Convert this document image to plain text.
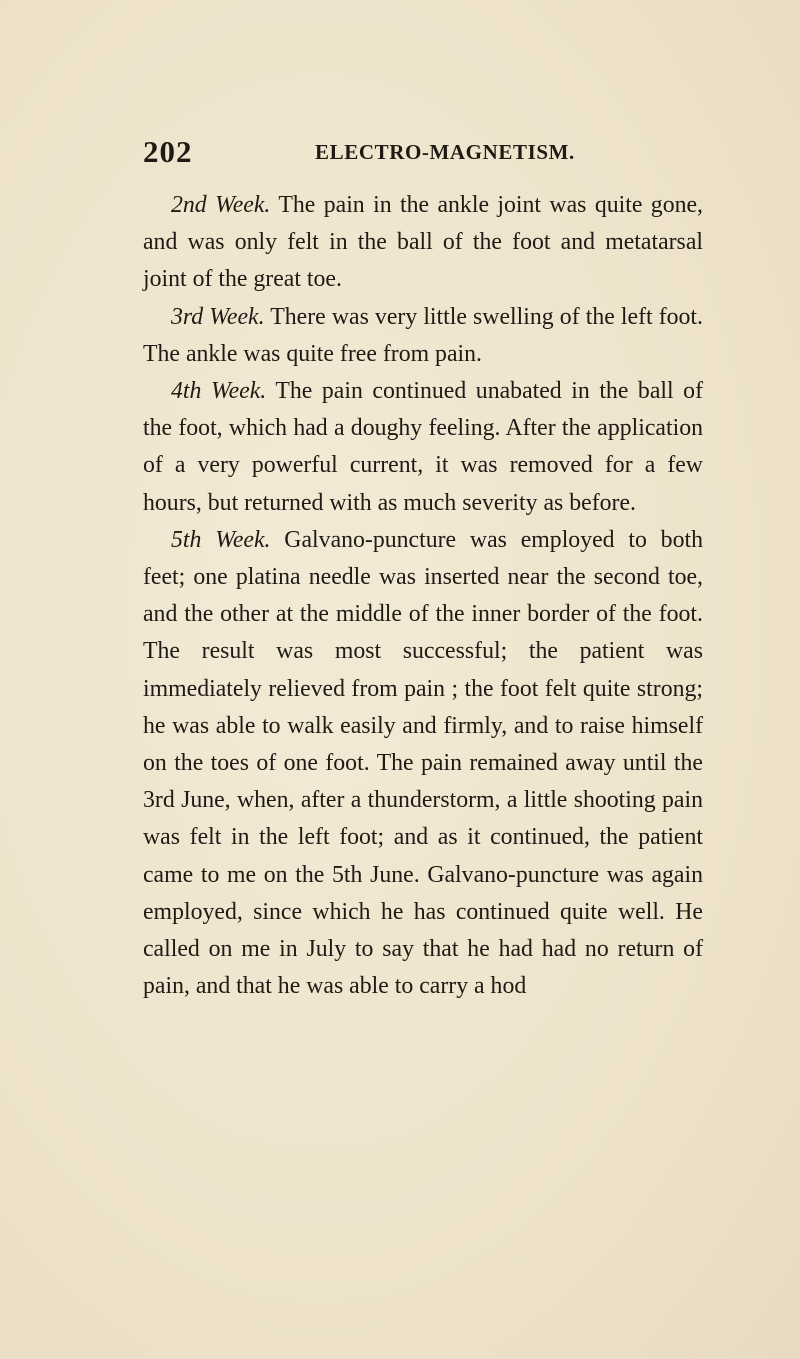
202	ELECTRO-MAGNETISM.

2nd Week. The pain in the ankle joint was quite gone, and was only felt in the ball of the foot and metatarsal joint of the great toe.

3rd Week. There was very little swelling of the left foot. The ankle was quite free from pain.

4th Week. The pain continued unabated in the ball of the foot, which had a doughy feeling. After the application of a very powerful current, it was removed for a few hours, but returned with as much severity as before.

5th Week. Galvano-puncture was employed to both feet; one platina needle was inserted near the second toe, and the other at the middle of the inner border of the foot. The result was most successful; the patient was immediately relieved from pain ; the foot felt quite strong; he was able to walk easily and firmly, and to raise himself on the toes of one foot. The pain remained away until the 3rd June, when, after a thunderstorm, a little shooting pain was felt in the left foot; and as it continued, the patient came to me on the 5th June. Galvano-puncture was again employed, since which he has continued quite well. He called on me in July to say that he had had no return of pain, and that he was able to carry a hod
